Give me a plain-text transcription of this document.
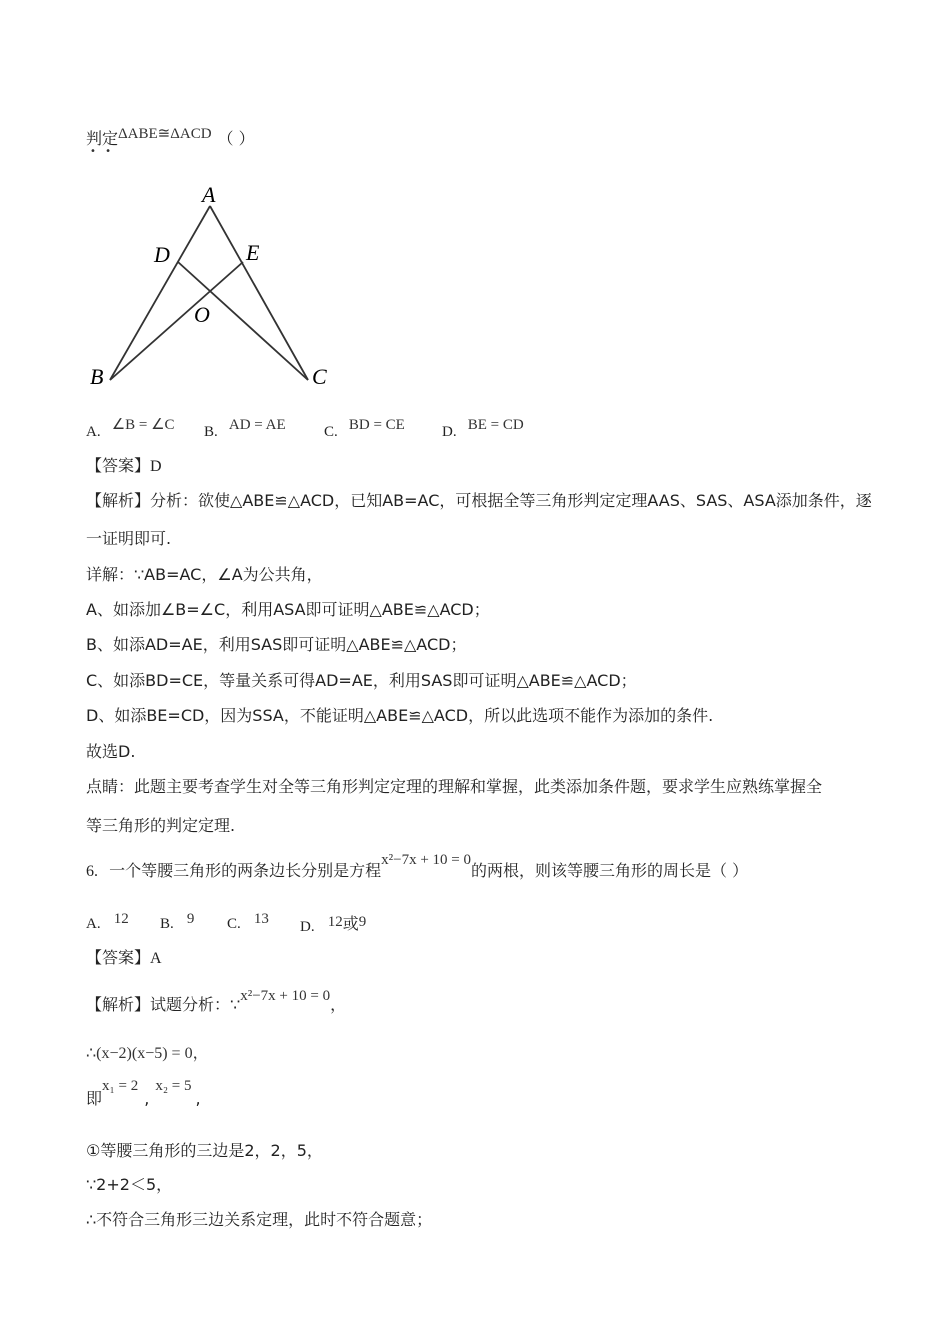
判定ΔABE≅ΔACD （ ）
• •
A
D	E
O
B	C
A. ∠B = ∠C B. AD = AE	C. BD = CE D. BE = CD
【答案】D
【解析】分析：欲使△ABE≌△ACD，已知AB=AC，可根据全等三角形判定定理AAS、SAS、ASA添加条件，逐
一证明即可.
详解：∵AB=AC，∠A为公共角，
A、如添加∠B=∠C，利用ASA即可证明△ABE≌△ACD；
B、如添AD=AE，利用SAS即可证明△ABE≌△ACD；
C、如添BD=CE，等量关系可得AD=AE，利用SAS即可证明△ABE≌△ACD；
D、如添BE=CD，因为SSA，不能证明△ABE≌△ACD，所以此选项不能作为添加的条件.
故选D.
点睛：此题主要考查学生对全等三角形判定定理的理解和掌握，此类添加条件题，要求学生应熟练掌握全
等三角形的判定定理.
6. 一个等腰三角形的两条边长分别是方程x²−7x + 10 = 0的两根，则该等腰三角形的周长是（ ）
A. 12 B. 9 C. 13 D. 12或9
【答案】A
【解析】试题分析：∵x²−7x + 10 = 0，
∴(x−2)(x−5) = 0，
即x₁ = 2,x₂ = 5,
①等腰三角形的三边是2，2，5，
∵2+2＜5，
∴不符合三角形三边关系定理，此时不符合题意；
